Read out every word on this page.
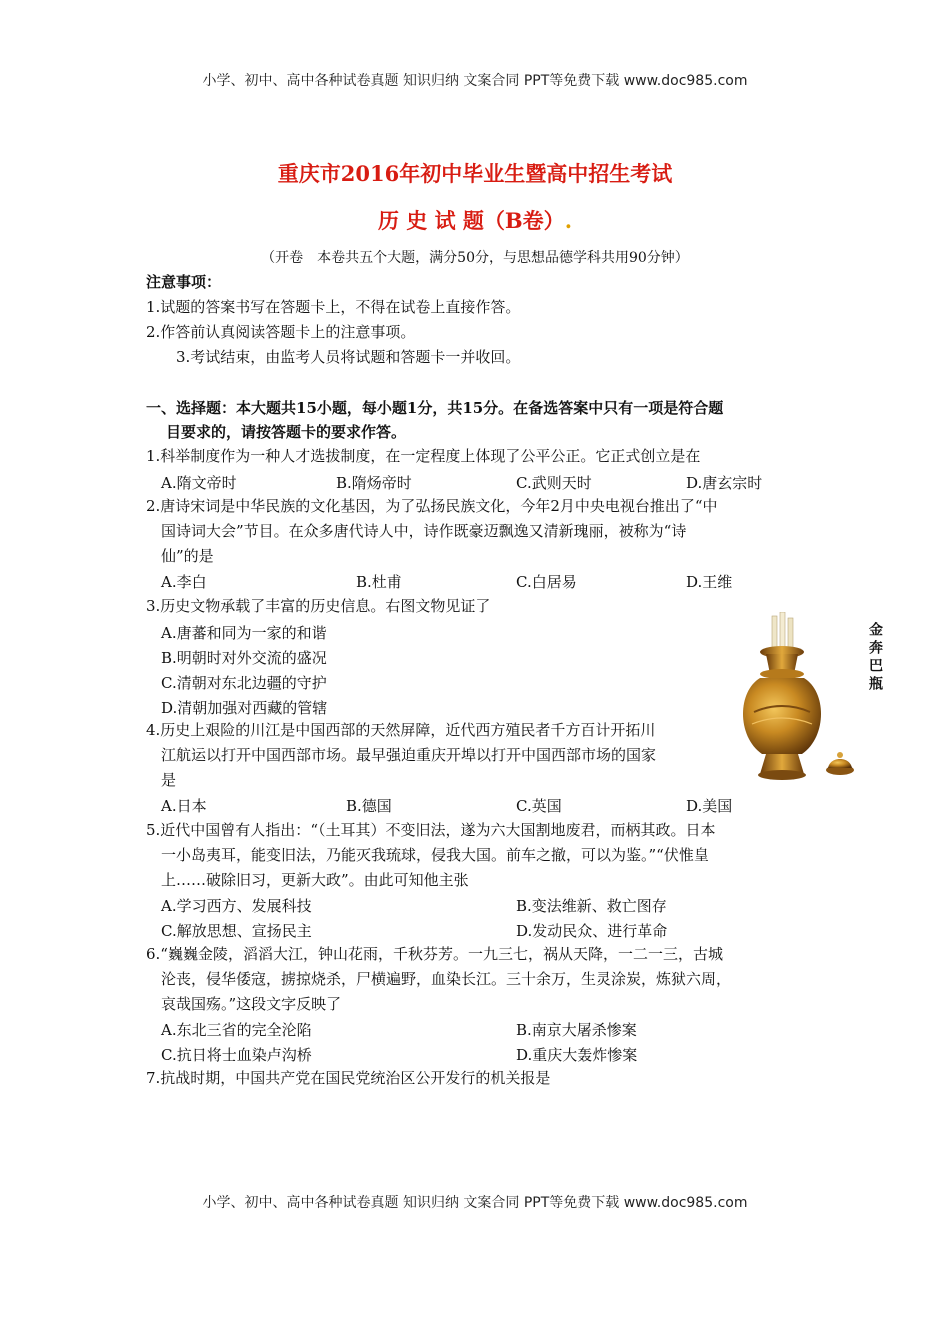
小学、初中、高中各种试卷真题 知识归纳 文案合同 PPT等免费下载 www.doc985.com
重庆市2016年初中毕业生暨高中招生考试
历 史 试 题（B卷）.
（开卷　本卷共五个大题，满分50分，与思想品德学科共用90分钟）
注意事项：
1.试题的答案书写在答题卡上，不得在试卷上直接作答。
2.作答前认真阅读答题卡上的注意事项。
3.考试结束，由监考人员将试题和答题卡一并收回。
一、选择题：本大题共15小题，每小题1分，共15分。在备选答案中只有一项是符合题
目要求的，请按答题卡的要求作答。
1.科举制度作为一种人才选拔制度，在一定程度上体现了公平公正。它正式创立是在
A.隋文帝时	B.隋炀帝时	C.武则天时	D.唐玄宗时
2.唐诗宋词是中华民族的文化基因，为了弘扬民族文化，今年2月中央电视台推出了“中
国诗词大会”节目。在众多唐代诗人中，诗作既豪迈飘逸又清新瑰丽，被称为“诗
仙”的是
A.李白	B.杜甫	C.白居易	D.王维
3.历史文物承载了丰富的历史信息。右图文物见证了
A.唐蕃和同为一家的和谐
B.明朝时对外交流的盛况
C.清朝对东北边疆的守护
D.清朝加强对西藏的管辖
金奔巴瓶
4.历史上艰险的川江是中国西部的天然屏障，近代西方殖民者千方百计开拓川
江航运以打开中国西部市场。最早强迫重庆开埠以打开中国西部市场的国家
是
A.日本	B.德国	C.英国	D.美国
5.近代中国曾有人指出：“（土耳其）不变旧法，遂为六大国割地废君，而柄其政。日本
一小岛夷耳，能变旧法，乃能灭我琉球，侵我大国。前车之撤，可以为鉴。”“伏惟皇
上……破除旧习，更新大政”。由此可知他主张
A.学习西方、发展科技	B.变法维新、救亡图存
C.解放思想、宣扬民主	D.发动民众、进行革命
6.“巍巍金陵，滔滔大江，钟山花雨，千秋芬芳。一九三七，祸从天降，一二一三，古城
沦丧，侵华倭寇，掳掠烧杀，尸横遍野，血染长江。三十余万，生灵涂炭，炼狱六周，
哀哉国殇。”这段文字反映了
A.东北三省的完全沦陷	B.南京大屠杀惨案
C.抗日将士血染卢沟桥	D.重庆大轰炸惨案
7.抗战时期，中国共产党在国民党统治区公开发行的机关报是
小学、初中、高中各种试卷真题 知识归纳 文案合同 PPT等免费下载 www.doc985.com
